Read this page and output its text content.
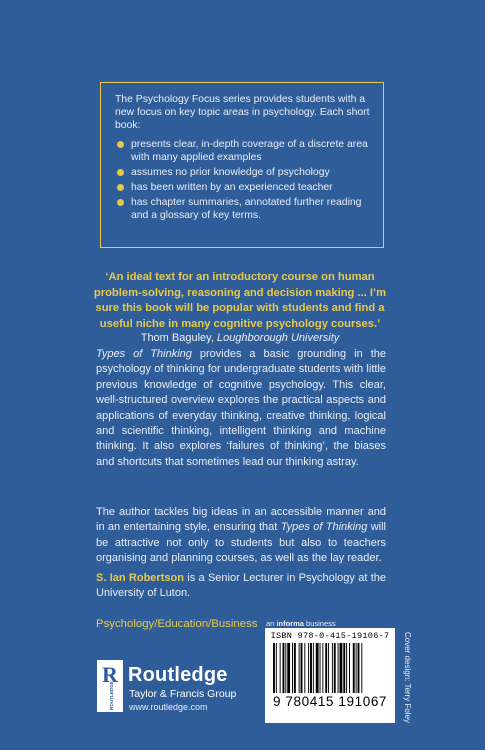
The Psychology Focus series provides students with a new focus on key topic areas in psychology. Each short book:

presents clear, in-depth coverage of a discrete area with many applied examples
assumes no prior knowledge of psychology
has been written by an experienced teacher
has chapter summaries, annotated further reading and a glossary of key terms.
‘An ideal text for an introductory course on human problem-solving, reasoning and decision making ... I’m sure this book will be popular with students and find a useful niche in many cognitive psychology courses.’
Thom Baguley, Loughborough University

Types of Thinking provides a basic grounding in the psychology of thinking for undergraduate students with little previous knowledge of cognitive psychology. This clear, well-structured overview explores the practical aspects and applications of everyday thinking, creative thinking, logical and scientific thinking, intelligent thinking and machine thinking. It also explores ‘failures of thinking’, the biases and shortcuts that sometimes lead our thinking astray.

The author tackles big ideas in an accessible manner and in an entertaining style, ensuring that Types of Thinking will be attractive not only to students but also to teachers organising and planning courses, as well as the lay reader.

S. Ian Robertson is a Senior Lecturer in Psychology at the University of Luton.

Psychology/Education/Business
R
ROUTLEDGE
Routledge
Taylor & Francis Group
www.routledge.com
an informa business
ISBN 978-0-415-19106-7
9 780415 191067	Cover design: Terry Foley
